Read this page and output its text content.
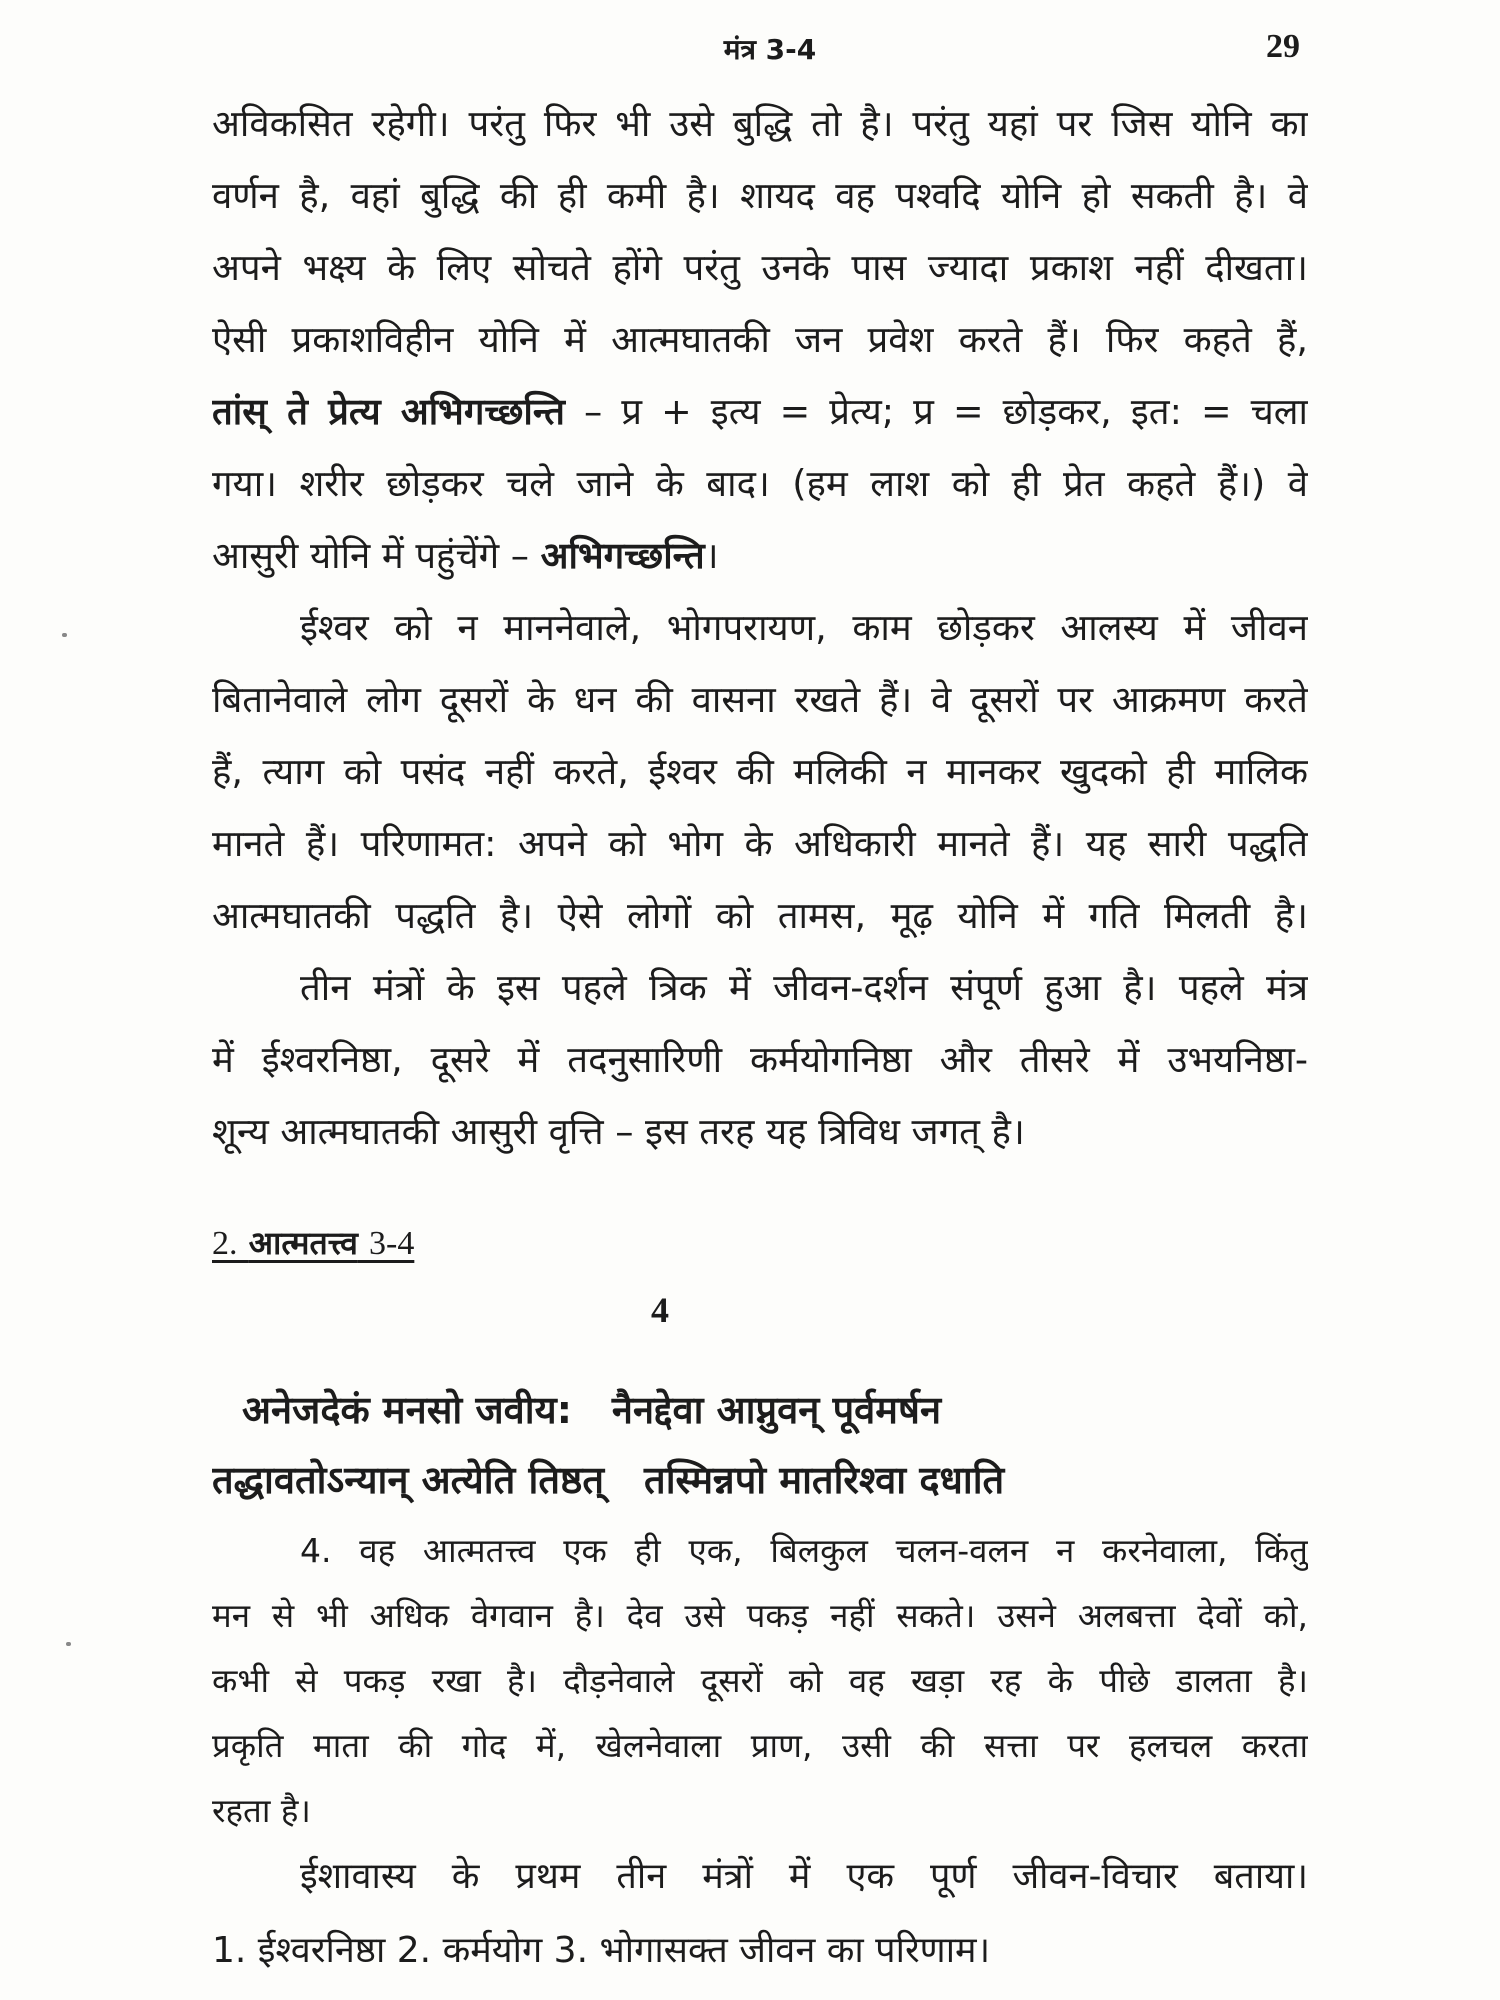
मंत्र 3-4	29
अविकसित रहेगी। परंतु फिर भी उसे बुद्धि तो है। परंतु यहां पर जिस योनि का
वर्णन है, वहां बुद्धि की ही कमी है। शायद वह पश्वदि योनि हो सकती है। वे
अपने भक्ष्य के लिए सोचते होंगे परंतु उनके पास ज्यादा प्रकाश नहीं दीखता।
ऐसी प्रकाशविहीन योनि में आत्मघातकी जन प्रवेश करते हैं। फिर कहते हैं,
तांस् ते प्रेत्य अभिगच्छन्ति – प्र + इत्य = प्रेत्य; प्र = छोड़कर, इत: = चला
गया। शरीर छोड़कर चले जाने के बाद। (हम लाश को ही प्रेत कहते हैं।) वे
आसुरी योनि में पहुंचेंगे – अभिगच्छन्ति।
ईश्वर को न माननेवाले, भोगपरायण, काम छोड़कर आलस्य में जीवन
बितानेवाले लोग दूसरों के धन की वासना रखते हैं। वे दूसरों पर आक्रमण करते
हैं, त्याग को पसंद नहीं करते, ईश्वर की मलिकी न मानकर खुदको ही मालिक
मानते हैं। परिणामत: अपने को भोग के अधिकारी मानते हैं। यह सारी पद्धति
आत्मघातकी पद्धति है। ऐसे लोगों को तामस, मूढ़ योनि में गति मिलती है।
तीन मंत्रों के इस पहले त्रिक में जीवन-दर्शन संपूर्ण हुआ है। पहले मंत्र
में ईश्वरनिष्ठा, दूसरे में तदनुसारिणी कर्मयोगनिष्ठा और तीसरे में उभयनिष्ठा-
शून्य आत्मघातकी आसुरी वृत्ति – इस तरह यह त्रिविध जगत् है।
2. आत्मतत्त्व 3-4
4
अनेजदेकं मनसो जवीय: नैनद्देवा आप्नुवन् पूर्वमर्षन
तद्धावतोऽन्यान् अत्येति तिष्ठत् तस्मिन्नपो मातरिश्वा दधाति
4. वह आत्मतत्त्व एक ही एक, बिलकुल चलन-वलन न करनेवाला, किंतु
मन से भी अधिक वेगवान है। देव उसे पकड़ नहीं सकते। उसने अलबत्ता देवों को,
कभी से पकड़ रखा है। दौड़नेवाले दूसरों को वह खड़ा रह के पीछे डालता है।
प्रकृति माता की गोद में, खेलनेवाला प्राण, उसी की सत्ता पर हलचल करता
रहता है।
ईशावास्य के प्रथम तीन मंत्रों में एक पूर्ण जीवन-विचार बताया।
1. ईश्वरनिष्ठा 2. कर्मयोग 3. भोगासक्त जीवन का परिणाम।
